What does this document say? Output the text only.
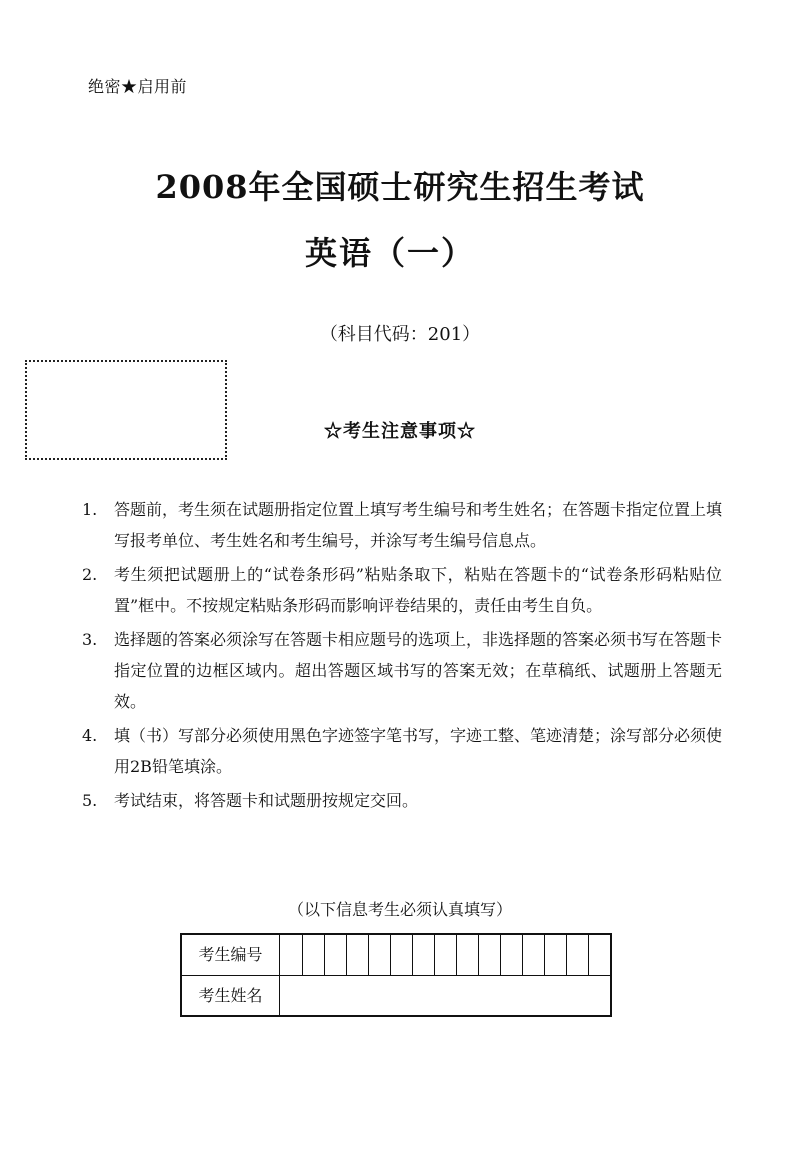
绝密★启用前
2008年全国硕士研究生招生考试
英语（一）
（科目代码：201）
☆考生注意事项☆
1.	答题前，考生须在试题册指定位置上填写考生编号和考生姓名；在答题卡指定位置上填写报考单位、考生姓名和考生编号，并涂写考生编号信息点。
2.	考生须把试题册上的“试卷条形码”粘贴条取下，粘贴在答题卡的“试卷条形码粘贴位置”框中。不按规定粘贴条形码而影响评卷结果的，责任由考生自负。
3.	选择题的答案必须涂写在答题卡相应题号的选项上，非选择题的答案必须书写在答题卡指定位置的边框区域内。超出答题区域书写的答案无效；在草稿纸、试题册上答题无效。
4.	填（书）写部分必须使用黑色字迹签字笔书写，字迹工整、笔迹清楚；涂写部分必须使用2B铅笔填涂。
5.	考试结束，将答题卡和试题册按规定交回。
（以下信息考生必须认真填写）
考生编号
考生姓名
